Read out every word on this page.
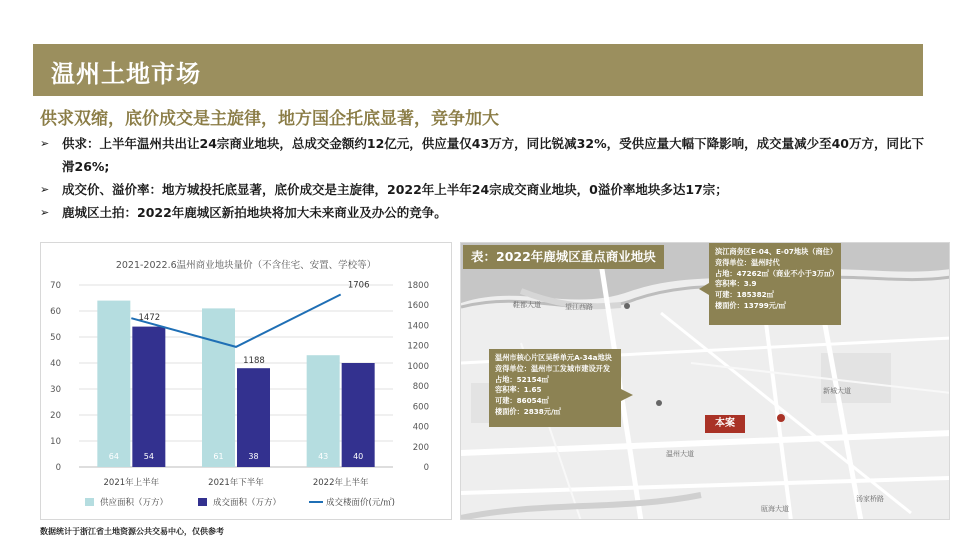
温州土地市场
供求双缩，底价成交是主旋律，地方国企托底显著，竞争加大
➢ 供求：上半年温州共出让24宗商业地块，总成交金额约12亿元，供应量仅43万方，同比锐减32%，受供应量大幅下降影响，成交量减少至40万方，同比下滑26%;
➢ 成交价、溢价率：地方城投托底显著，底价成交是主旋律，2022年上半年24宗成交商业地块，0溢价率地块多达17宗；
➢ 鹿城区土拍：2022年鹿城区新拍地块将加大未来商业及办公的竞争。
2021-2022.6温州商业地块量价（不含住宅、安置、学校等）
0
10
20
30
40
50
60
70
0
200
400
600
800
1000
1200
1400
1600
1800
64	54	61	38	43	40
1472
1188
1706
2021年上半年	2021年下半年	2022年上半年
供应面积（万方）	成交面积（万方）	成交楼面价(元/㎡)
表：2022年鹿城区重点商业地块	滨江商务区E-04、E-07地块（商住）
竞得单位：温州时代
占地：47262㎡（商业不小于3万㎡）
容积率：3.9
可建：185382㎡
楼面价：13799元/㎡
温州市核心片区吴桥单元A-34a地块
竞得单位：温州市工发城市建设开发
占地：52154㎡
容积率：1.65
可建：86054㎡
楼面价：2838元/㎡
本案
鞋都大道	望江西路
新城大道
温州大道
瓯海大道
汤家桥路
数据统计于浙江省土地资源公共交易中心，仅供参考
